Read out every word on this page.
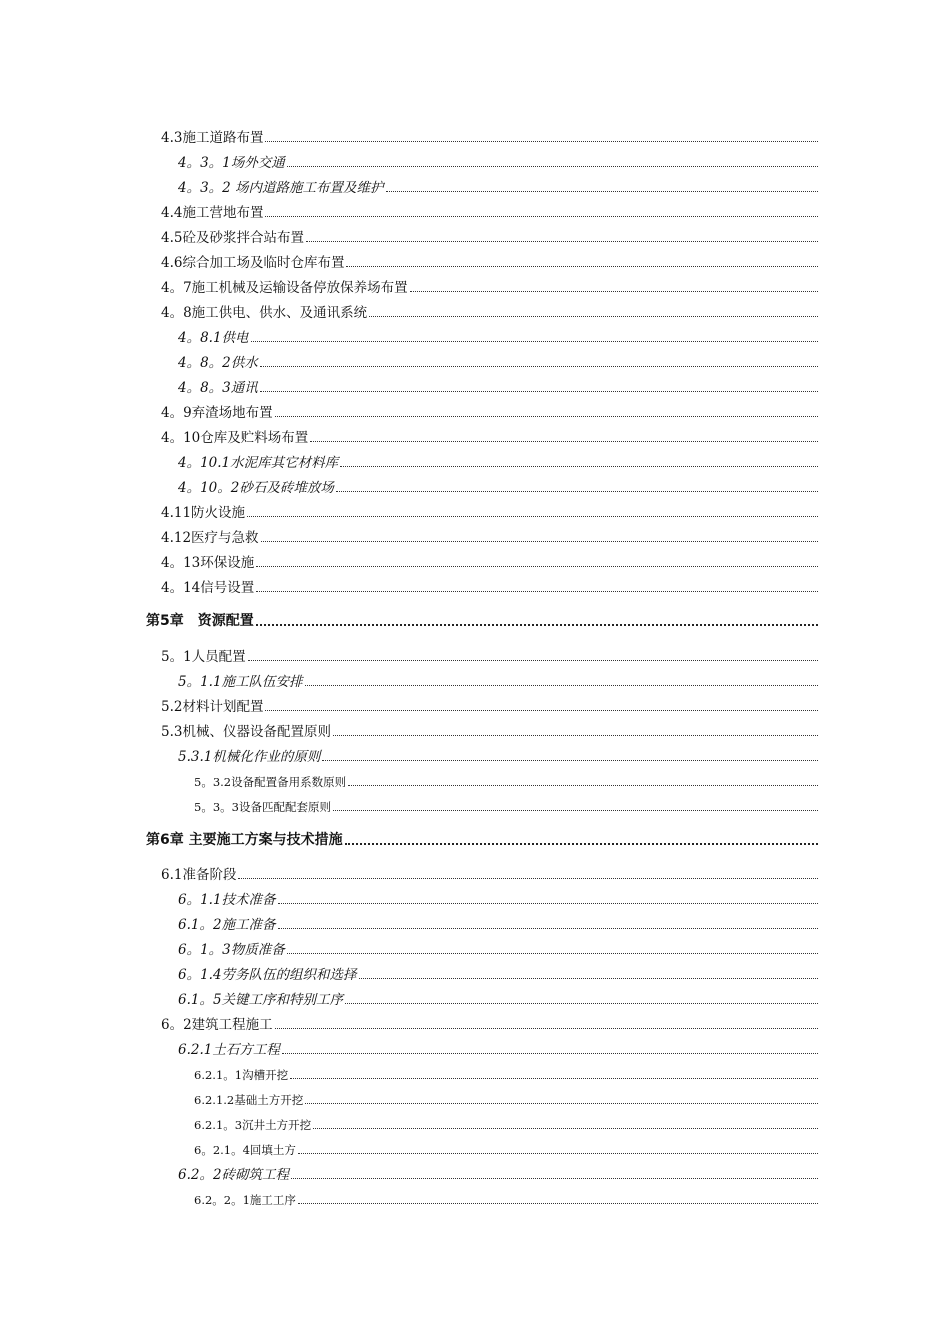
4.3施工道路布置
4。3。1场外交通
4。3。2 场内道路施工布置及维护
4.4施工营地布置
4.5砼及砂浆拌合站布置
4.6综合加工场及临时仓库布置
4。7施工机械及运输设备停放保养场布置
4。8施工供电、供水、及通讯系统
4。8.1供电
4。8。2供水
4。8。3通讯
4。9弃渣场地布置
4。10仓库及贮料场布置
4。10.1水泥库其它材料库
4。10。2砂石及砖堆放场
4.11防火设施
4.12医疗与急救
4。13环保设施
4。14信号设置
第5章　资源配置
5。1人员配置
5。1.1施工队伍安排
5.2材料计划配置
5.3机械、仪器设备配置原则
5.3.1机械化作业的原则
5。3.2设备配置备用系数原则
5。3。3设备匹配配套原则
第6章 主要施工方案与技术措施
6.1准备阶段
6。1.1技术准备
6.1。2施工准备
6。1。3物质准备
6。1.4劳务队伍的组织和选择
6.1。5关键工序和特别工序
6。2建筑工程施工
6.2.1土石方工程
6.2.1。1沟槽开挖
6.2.1.2基础土方开挖
6.2.1。3沉井土方开挖
6。2.1。4回填土方
6.2。2砖砌筑工程
6.2。2。1施工工序
